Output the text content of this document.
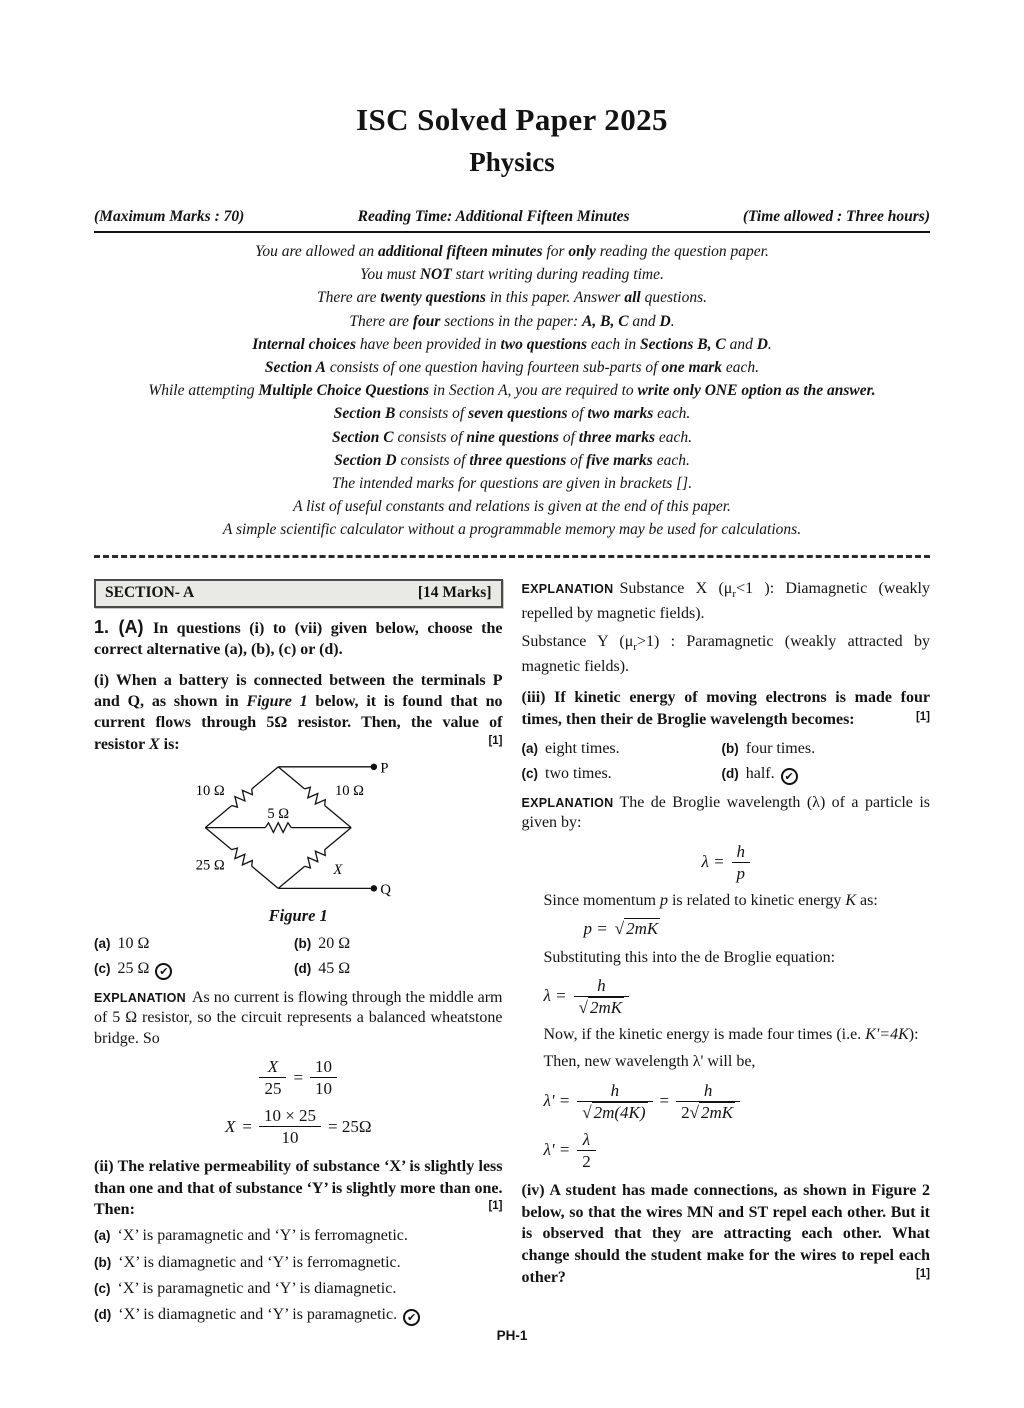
ISC Solved Paper 2025
Physics
(Maximum Marks : 70)	Reading Time: Additional Fifteen Minutes	(Time allowed : Three hours)
You are allowed an additional fifteen minutes for only reading the question paper.
You must NOT start writing during reading time.
There are twenty questions in this paper. Answer all questions.
There are four sections in the paper: A, B, C and D.
Internal choices have been provided in two questions each in Sections B, C and D.
Section A consists of one question having fourteen sub-parts of one mark each.
While attempting Multiple Choice Questions in Section A, you are required to write only ONE option as the answer.
Section B consists of seven questions of two marks each.
Section C consists of nine questions of three marks each.
Section D consists of three questions of five marks each.
The intended marks for questions are given in brackets [].
A list of useful constants and relations is given at the end of this paper.
A simple scientific calculator without a programmable memory may be used for calculations.
SECTION- A	[14 Marks]
1. (A) In questions (i) to (vii) given below, choose the correct alternative (a), (b), (c) or (d).
(i) When a battery is connected between the terminals P and Q, as shown in Figure 1 below, it is found that no current flows through 5Ω resistor. Then, the value of resistor X is:	[1]
P
Q
10 Ω	10 Ω
5 Ω
25 Ω	X
Figure 1
(a) 10 Ω	(b) 20 Ω
(c) 25 Ω ✔	(d) 45 Ω
EXPLANATION As no current is flowing through the middle arm of 5 Ω resistor, so the circuit represents a balanced wheatstone bridge. So
$\frac{X}{25} = \frac{10}{10}$
$X = \frac{10 \times 25}{10} = 25\Omega$
(ii) The relative permeability of substance ‘X’ is slightly less than one and that of substance ‘Y’ is slightly more than one. Then:	[1]
(a) ‘X’ is paramagnetic and ‘Y’ is ferromagnetic.
(b) ‘X’ is diamagnetic and ‘Y’ is ferromagnetic.
(c) ‘X’ is paramagnetic and ‘Y’ is diamagnetic.
(d) ‘X’ is diamagnetic and ‘Y’ is paramagnetic. ✔
EXPLANATION Substance X ($\mu_r<1$ ): Diamagnetic (weakly repelled by magnetic fields).
Substance Y $(\mu_r>1)$ : Paramagnetic (weakly attracted by magnetic fields).
(iii) If kinetic energy of moving electrons is made four times, then their de Broglie wavelength becomes:	[1]
(a) eight times.	(b) four times.
(c) two times.	(d) half. ✔
EXPLANATION The de Broglie wavelength (λ) of a particle is given by:
$\lambda = \frac{h}{p}$
Since momentum p is related to kinetic energy K as:
p = √ 2mK
Substituting this into the de Broglie equation:
$\lambda = \frac{h}{√ 2mK}$
Now, if the kinetic energy is made four times (i.e. K'=4K):
Then, new wavelength λ' will be,
$\lambda' = \frac{h}{√ 2m(4K)} = \frac{h}{2√ 2mK}$
$\lambda' = \frac{\lambda}{2}$
(iv) A student has made connections, as shown in Figure 2 below, so that the wires MN and ST repel each other. But it is observed that they are attracting each other. What change should the student make for the wires to repel each other?	[1]
PH-1
